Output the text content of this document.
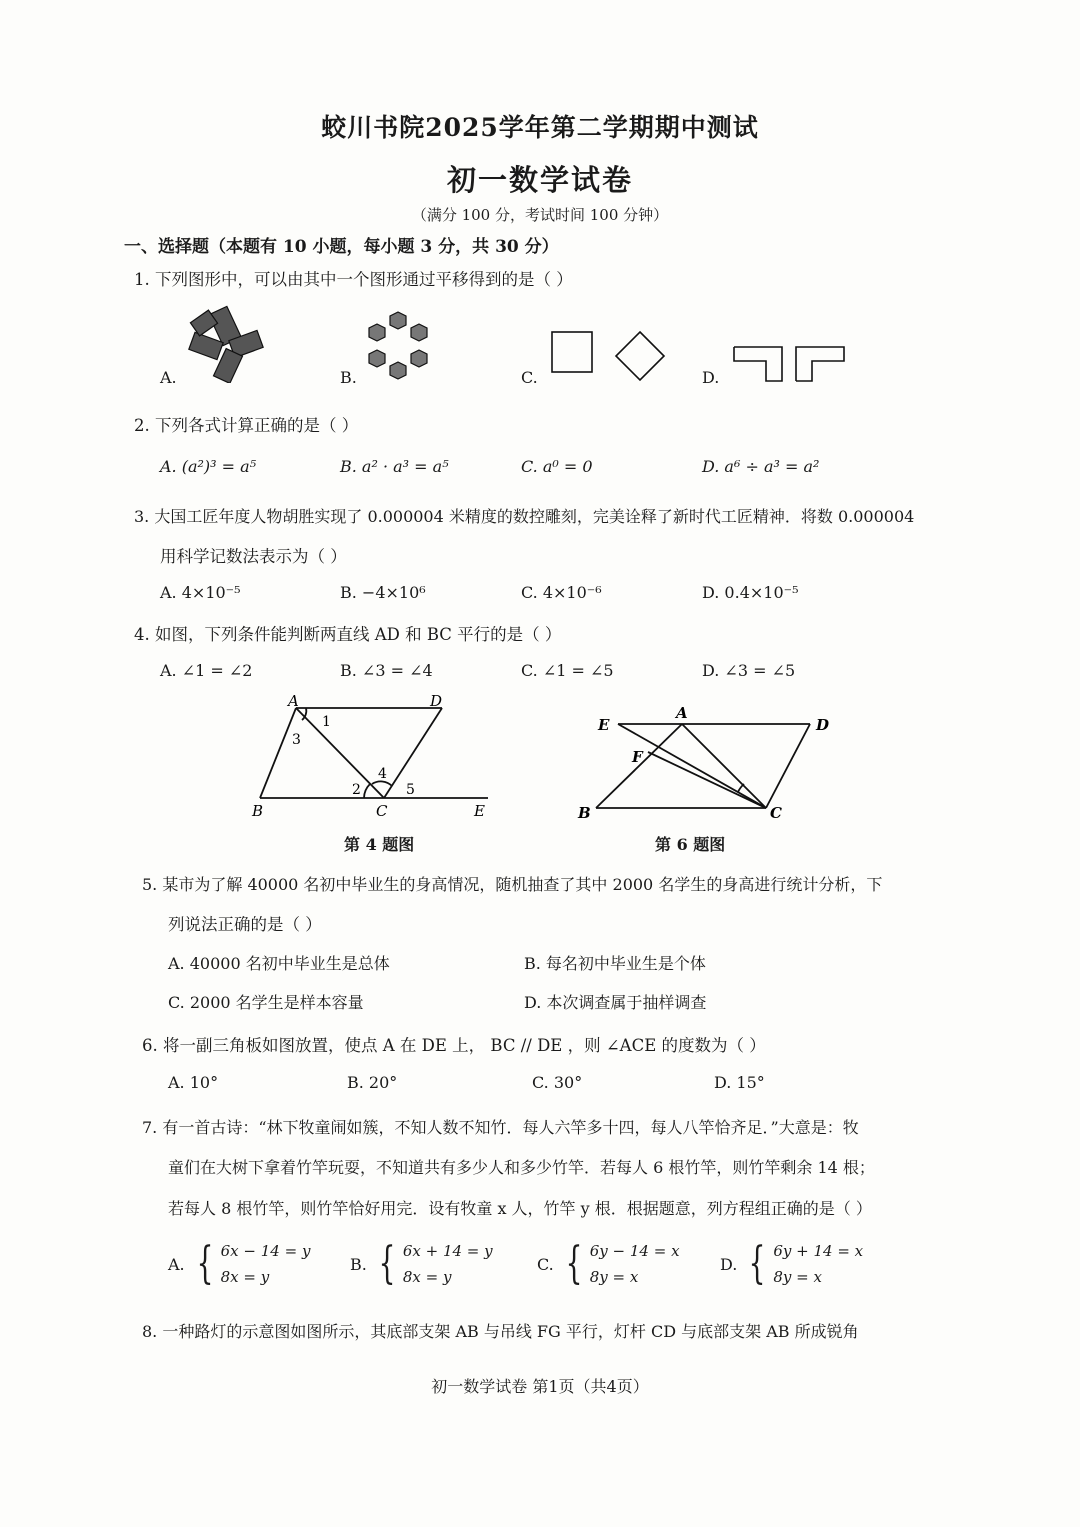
蛟川书院2025学年第二学期期中测试
初一数学试卷
（满分 100 分，考试时间 100 分钟）
一、选择题（本题有 10 小题，每小题 3 分，共 30 分）
1. 下列图形中，可以由其中一个图形通过平移得到的是（ ）
A.	B.	C.	D.
2. 下列各式计算正确的是（ ）
A. (a²)³ = a⁵	B. a² · a³ = a⁵	C. a⁰ = 0	D. a⁶ ÷ a³ = a²
3. 大国工匠年度人物胡胜实现了 0.000004 米精度的数控雕刻，完美诠释了新时代工匠精神．将数 0.000004
用科学记数法表示为（ ）
A. 4×10⁻⁵	B. −4×10⁶	C. 4×10⁻⁶	D. 0.4×10⁻⁵
4. 如图，下列条件能判断两直线 AD 和 BC 平行的是（ ）
A. ∠1 = ∠2	B. ∠3 = ∠4	C. ∠1 = ∠5	D. ∠3 = ∠5
A	D
B	C	E
1
3
4
2	5
第 4 题图
E
A
D
F
B	C
第 6 题图
5. 某市为了解 40000 名初中毕业生的身高情况，随机抽查了其中 2000 名学生的身高进行统计分析，下
列说法正确的是（ ）
A. 40000 名初中毕业生是总体	B. 每名初中毕业生是个体
C. 2000 名学生是样本容量	D. 本次调查属于抽样调查
6. 将一副三角板如图放置，使点 A 在 DE 上， BC // DE ，则 ∠ACE 的度数为（ ）
A. 10°	B. 20°	C. 30°	D. 15°
7. 有一首古诗：“林下牧童闹如簇，不知人数不知竹．每人六竿多十四，每人八竿恰齐足．”大意是：牧
童们在大树下拿着竹竿玩耍，不知道共有多少人和多少竹竿．若每人 6 根竹竿，则竹竿剩余 14 根；
若每人 8 根竹竿，则竹竿恰好用完．设有牧童 x 人，竹竿 y 根．根据题意，列方程组正确的是（ ）
A. { 6x − 14 = y
8x = y
B. { 6x + 14 = y
8x = y
C. { 6y − 14 = x
8y = x
D. { 6y + 14 = x
8y = x
8. 一种路灯的示意图如图所示，其底部支架 AB 与吊线 FG 平行，灯杆 CD 与底部支架 AB 所成锐角
初一数学试卷 第1页（共4页）
